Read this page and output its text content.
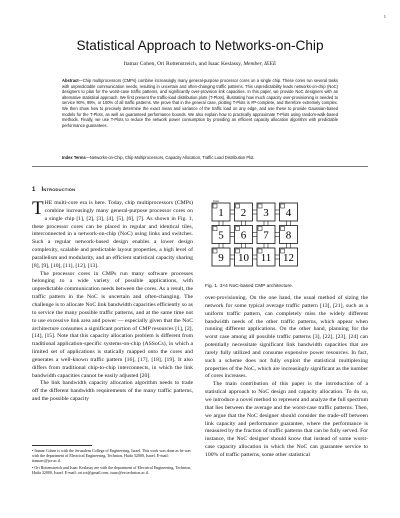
1
Statistical Approach to Networks-on-Chip
Itamar Cohen, Ori Rottenstreich, and Isaac Keslassy, Member, IEEE
Abstract—Chip multiprocessors (CMPs) combine increasingly many general-purpose processor cores on a single chip. These cores run several tasks with unpredictable communication needs, resulting in uncertain and often-changing traffic patterns. This unpredictability leads networks-on-chip (NoC) designers to plan for the worst-case traffic patterns, and significantly over-provision link capacities. In this paper, we provide NoC designers with an alternative statistical approach. We first present the traffic-load distribution plots (T-Plots), illustrating how much capacity over-provisioning is needed to service 90%, 99%, or 100% of all traffic patterns. We prove that in the general case, plotting T-Plots is #P-complete, and therefore extremely complex. We then show how to precisely determine the exact mean and variance of the traffic load on any edge, and use these to provide Gaussian-based models for the T-Plots, as well as guaranteed performance bounds. We also explain how to practically approximate T-Plots using random-walk-based methods. Finally, we use T-Plots to reduce the network power consumption by providing an efficient capacity allocation algorithm with predictable performance guarantees.
Index Terms—Networks-on-Chip, Chip Multiprocessors, Capacity Allocation, Traffic Load Distribution Plot.
1 Introduction

THE multi-core era is here. Today, chip multiprocessors (CMPs) combine increasingly many general-purpose processor cores on a single chip [1], [2], [3], [4], [5], [6], [7]. As shown in Fig. 1, these processor cores can be placed in regular and identical tiles, interconnected in a network-on-chip (NoC) using links and switches. Such a regular network-based design enables a lower design complexity, scalable and predictable layout properties, a high level of parallelism and modularity, and an efficient statistical capacity sharing [8], [9], [10], [11], [12], [13].

The processor cores in CMPs run many software processes belonging to a wide variety of possible applications, with unpredictable communication needs between the cores. As a result, the traffic pattern in the NoC is uncertain and often-changing. The challenge is to allocate NoC link bandwidth capacities efficiently so as to service the many possible traffic patterns, and at the same time not to use excessive link area and power — especially given that the NoC architecture consumes a significant portion of CMP resources [1], [2], [14], [15]. Note that this capacity allocation problem is different from traditional application-specific systems-on-chip (ASSoCs), in which a limited set of applications is statically mapped onto the cores and generates a well-known traffic pattern [16], [17], [18], [19]. It also differs from traditional chip-to-chip interconnects, in which the link bandwidth capacities cannot be easily adjusted [20].

The link bandwidth capacity allocation algorithm needs to trade off the different bandwidth requirements of the many traffic patterns, and the possible capacity

1 2 3 4
5 6 7 8
9 10 11 12
Core
Fig. 1. 3×4 NoC-based CMP architecture.

over-provisioning. On the one hand, the usual method of sizing the network for some typical average traffic pattern [13], [21], such as a uniform traffic pattern, can completely miss the widely different bandwidth needs of the other traffic patterns, which appear when running different applications. On the other hand, planning for the worst case among all possible traffic patterns [3], [22], [23], [24] can potentially necessitate significant link bandwidth capacities that are rarely fully utilized and consume expensive power resources. In fact, such a scheme does not fully exploit the statistical multiplexing properties of the NoC, which are increasingly significant as the number of cores increases.

The main contribution of this paper is the introduction of a statistical approach to NoC design and capacity allocation. To do so, we introduce a novel method to represent and analyze the full spectrum that lies between the average and the worst-case traffic patterns. Then, we argue that the NoC designer should consider the trade-off between link capacity and performance guarantee, where the performance is measured by the fraction of traffic patterns that can be fully served. For instance, the NoC designer should know that instead of some worst-case capacity allocation in which the NoC can guarantee service to 100% of traffic patterns, some other statistical

• Itamar Cohen is with the Jerusalem College of Engineering, Israel. This work was done as he was with the department of Electrical Engineering, Technion, Haifa 32000, Israel. E-mail: itamarc@jce.ac.il.
• Ori Rottenstreich and Isaac Keslassy are with the department of Electrical Engineering, Technion, Haifa 32000, Israel. E-mail: ori.rot@gmail.com, isaac@ee.technion.ac.il.
